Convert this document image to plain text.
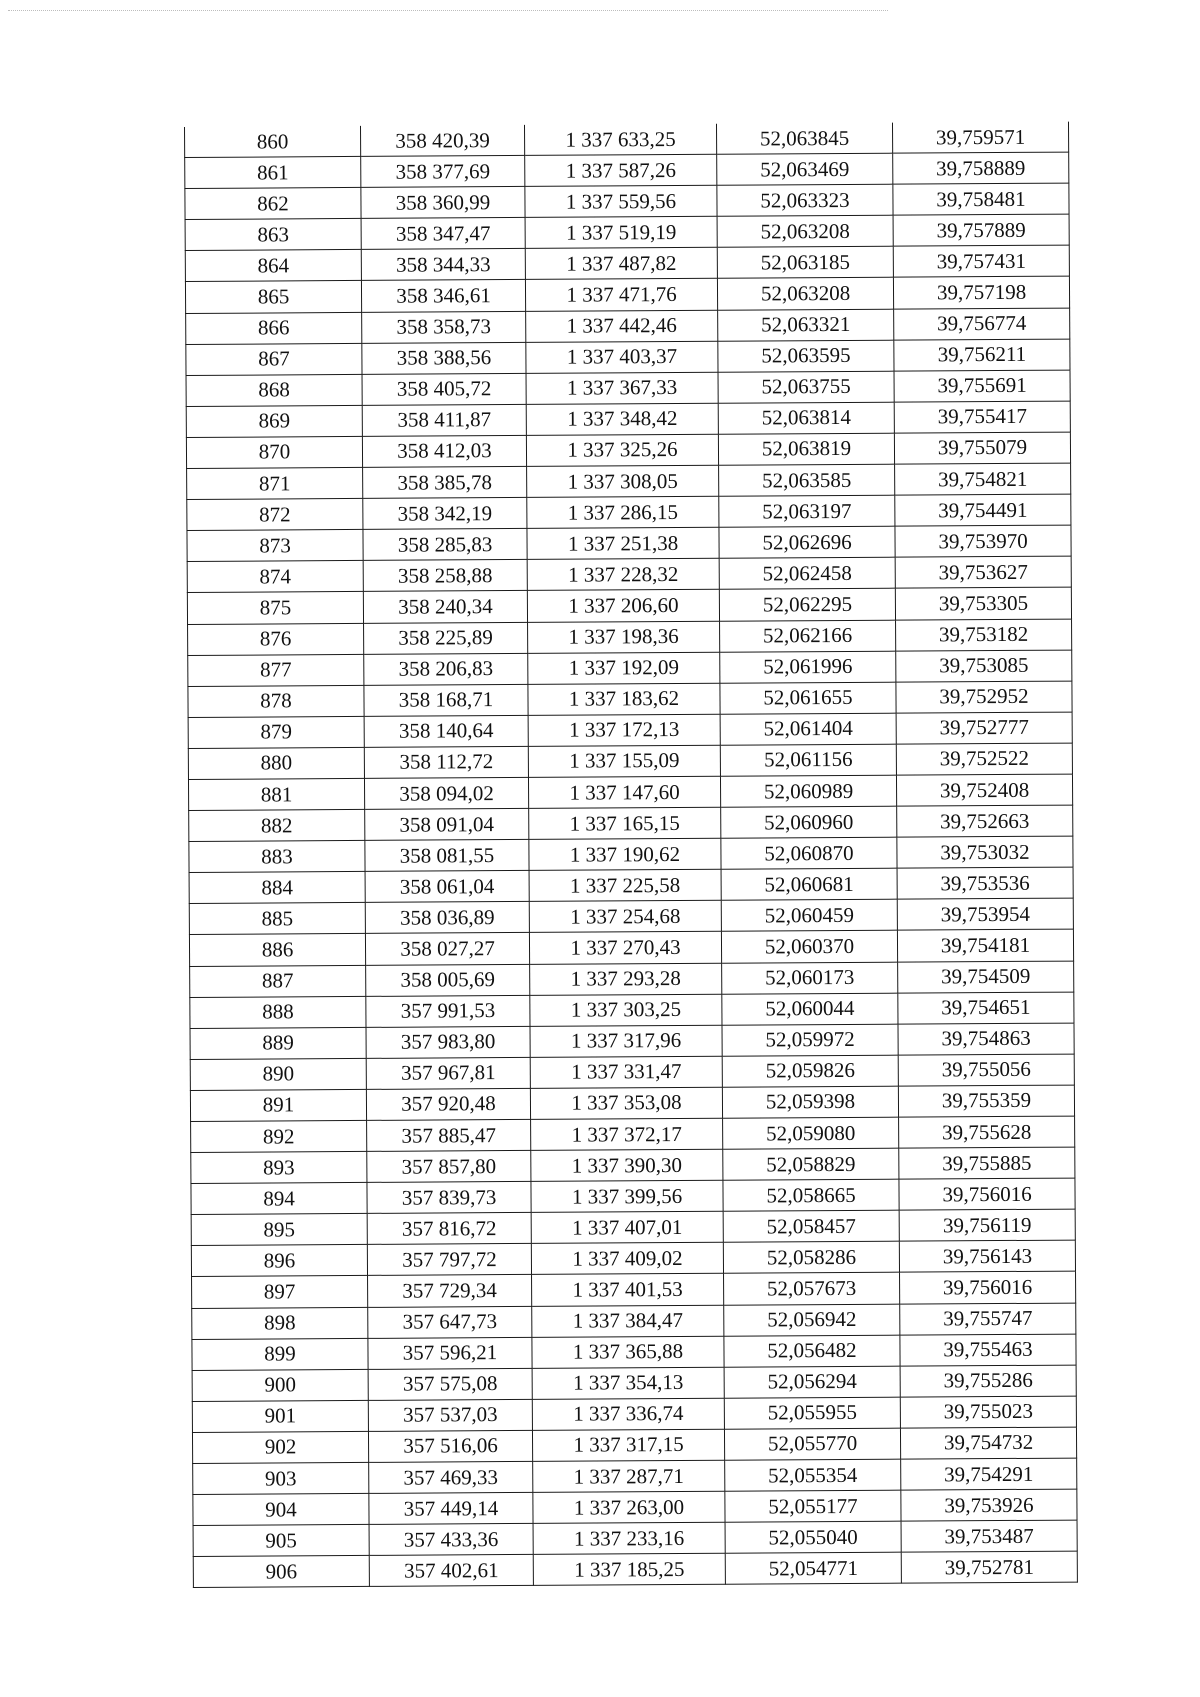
860	358 420,39	1 337 633,25	52,063845	39,759571
861	358 377,69	1 337 587,26	52,063469	39,758889
862	358 360,99	1 337 559,56	52,063323	39,758481
863	358 347,47	1 337 519,19	52,063208	39,757889
864	358 344,33	1 337 487,82	52,063185	39,757431
865	358 346,61	1 337 471,76	52,063208	39,757198
866	358 358,73	1 337 442,46	52,063321	39,756774
867	358 388,56	1 337 403,37	52,063595	39,756211
868	358 405,72	1 337 367,33	52,063755	39,755691
869	358 411,87	1 337 348,42	52,063814	39,755417
870	358 412,03	1 337 325,26	52,063819	39,755079
871	358 385,78	1 337 308,05	52,063585	39,754821
872	358 342,19	1 337 286,15	52,063197	39,754491
873	358 285,83	1 337 251,38	52,062696	39,753970
874	358 258,88	1 337 228,32	52,062458	39,753627
875	358 240,34	1 337 206,60	52,062295	39,753305
876	358 225,89	1 337 198,36	52,062166	39,753182
877	358 206,83	1 337 192,09	52,061996	39,753085
878	358 168,71	1 337 183,62	52,061655	39,752952
879	358 140,64	1 337 172,13	52,061404	39,752777
880	358 112,72	1 337 155,09	52,061156	39,752522
881	358 094,02	1 337 147,60	52,060989	39,752408
882	358 091,04	1 337 165,15	52,060960	39,752663
883	358 081,55	1 337 190,62	52,060870	39,753032
884	358 061,04	1 337 225,58	52,060681	39,753536
885	358 036,89	1 337 254,68	52,060459	39,753954
886	358 027,27	1 337 270,43	52,060370	39,754181
887	358 005,69	1 337 293,28	52,060173	39,754509
888	357 991,53	1 337 303,25	52,060044	39,754651
889	357 983,80	1 337 317,96	52,059972	39,754863
890	357 967,81	1 337 331,47	52,059826	39,755056
891	357 920,48	1 337 353,08	52,059398	39,755359
892	357 885,47	1 337 372,17	52,059080	39,755628
893	357 857,80	1 337 390,30	52,058829	39,755885
894	357 839,73	1 337 399,56	52,058665	39,756016
895	357 816,72	1 337 407,01	52,058457	39,756119
896	357 797,72	1 337 409,02	52,058286	39,756143
897	357 729,34	1 337 401,53	52,057673	39,756016
898	357 647,73	1 337 384,47	52,056942	39,755747
899	357 596,21	1 337 365,88	52,056482	39,755463
900	357 575,08	1 337 354,13	52,056294	39,755286
901	357 537,03	1 337 336,74	52,055955	39,755023
902	357 516,06	1 337 317,15	52,055770	39,754732
903	357 469,33	1 337 287,71	52,055354	39,754291
904	357 449,14	1 337 263,00	52,055177	39,753926
905	357 433,36	1 337 233,16	52,055040	39,753487
906	357 402,61	1 337 185,25	52,054771	39,752781
